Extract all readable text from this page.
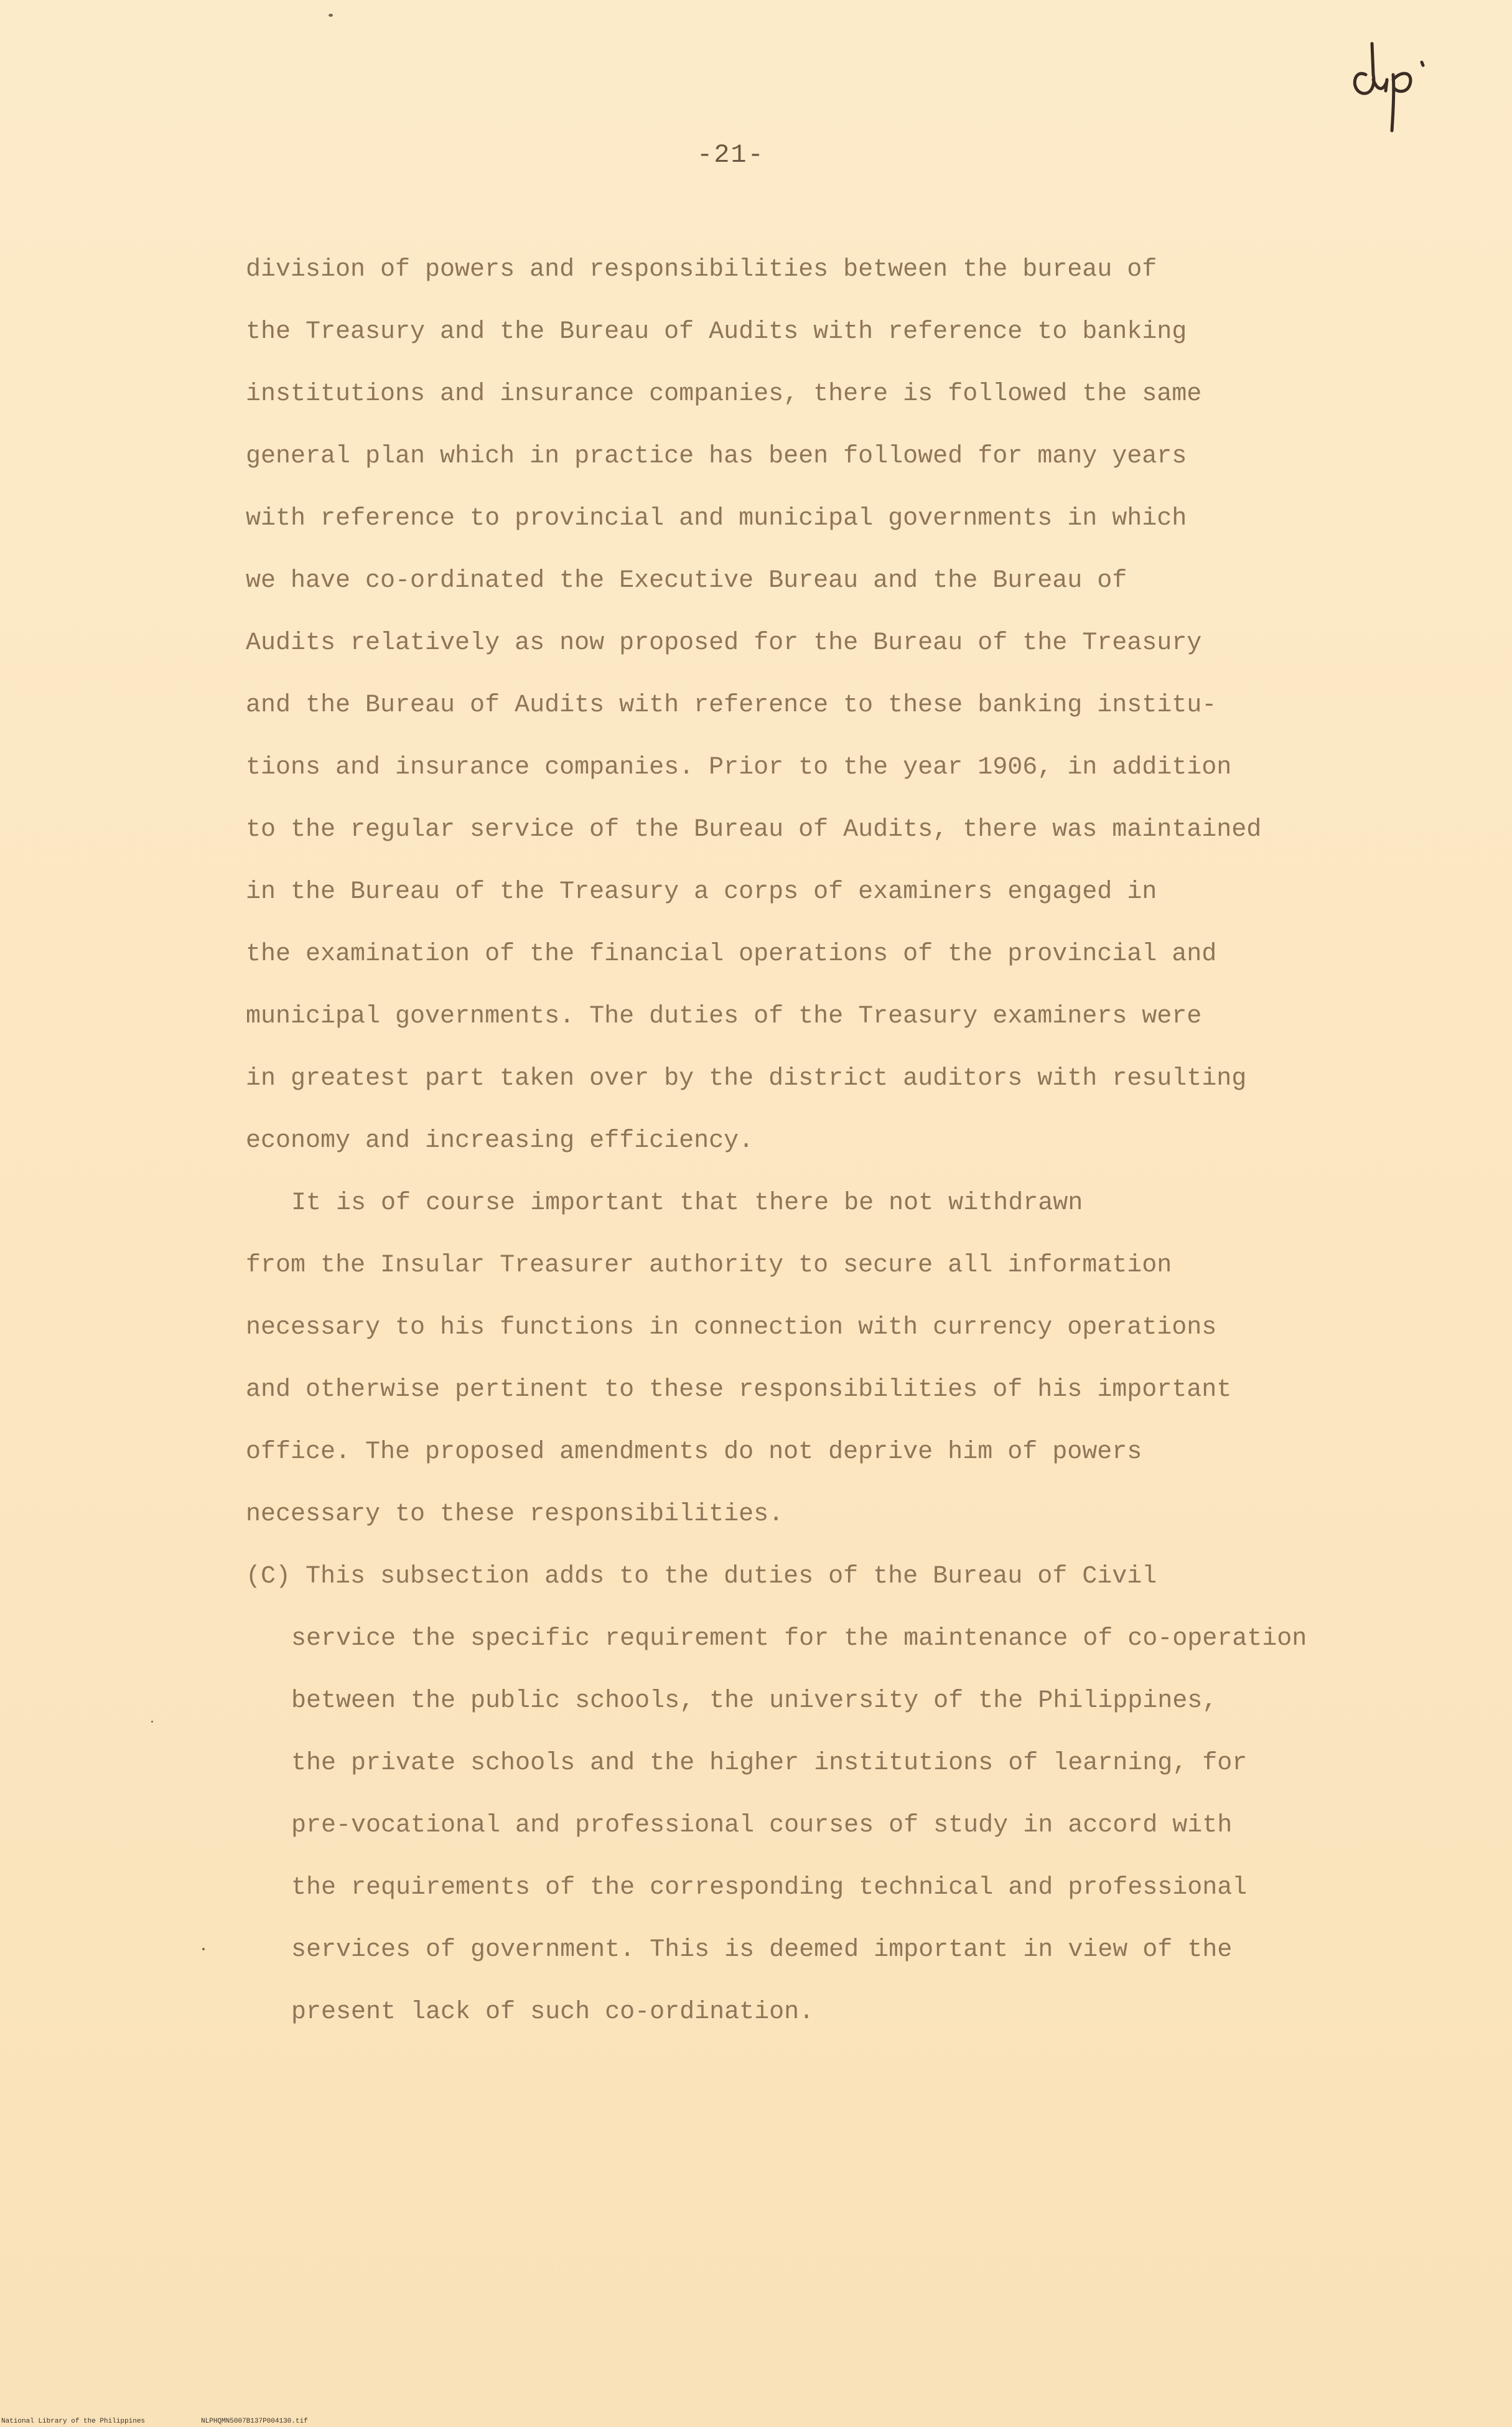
-21-
division of powers and responsibilities between the bureau of
the Treasury and the Bureau of Audits with reference to banking
institutions and insurance companies, there is followed the same
general plan which in practice has been followed for many years
with reference to provincial and municipal governments in which
we have co-ordinated the Executive Bureau and the Bureau of
Audits relatively as now proposed for the Bureau of the Treasury
and the Bureau of Audits with reference to these banking institu-
tions and insurance companies. Prior to the year 1906, in addition
to the regular service of the Bureau of Audits, there was maintained
in the Bureau of the Treasury a corps of examiners engaged in
the examination of the financial operations of the provincial and
municipal governments. The duties of the Treasury examiners were
in greatest part taken over by the district auditors with resulting
economy and increasing efficiency.
It is of course important that there be not withdrawn
from the Insular Treasurer authority to secure all information
necessary to his functions in connection with currency operations
and otherwise pertinent to these responsibilities of his important
office. The proposed amendments do not deprive him of powers
necessary to these responsibilities.
(C) This subsection adds to the duties of the Bureau of Civil
service the specific requirement for the maintenance of co-operation
between the public schools, the university of the Philippines,
the private schools and the higher institutions of learning, for
pre-vocational and professional courses of study in accord with
the requirements of the corresponding technical and professional
services of government. This is deemed important in view of the
present lack of such co-ordination.
National Library of the Philippines	NLPHQMN5007B137P004130.tif
